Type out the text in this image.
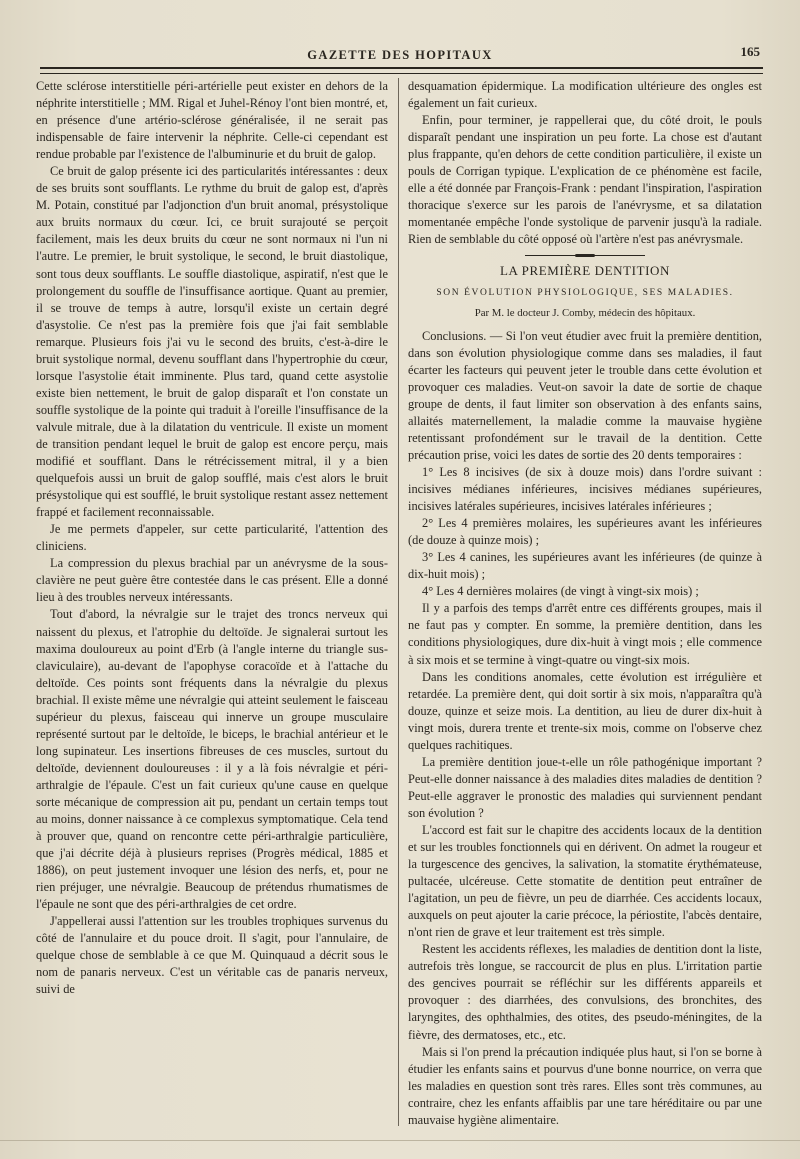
GAZETTE DES HOPITAUX	165

Cette sclérose interstitielle péri-artérielle peut exister en dehors de la néphrite interstitielle ; MM. Rigal et Juhel-Rénoy l'ont bien montré, et, en présence d'une artério-sclérose généralisée, il ne serait pas indispensable de faire intervenir la néphrite. Celle-ci cependant est rendue probable par l'existence de l'albuminurie et du bruit de galop.

Ce bruit de galop présente ici des particularités intéressantes : deux de ses bruits sont soufflants. Le rythme du bruit de galop est, d'après M. Potain, constitué par l'adjonction d'un bruit anomal, présystolique aux bruits normaux du cœur. Ici, ce bruit surajouté se perçoit facilement, mais les deux bruits du cœur ne sont normaux ni l'un ni l'autre. Le premier, le bruit systolique, le second, le bruit diastolique, sont tous deux soufflants. Le souffle diastolique, aspiratif, n'est que le prolongement du souffle de l'insuffisance aortique. Quant au premier, il se trouve de temps à autre, lorsqu'il existe un certain degré d'asystolie. Ce n'est pas la première fois que j'ai fait semblable remarque. Plusieurs fois j'ai vu le second des bruits, c'est-à-dire le bruit systolique normal, devenu soufflant dans l'hypertrophie du cœur, lorsque l'asystolie était imminente. Plus tard, quand cette asystolie existe bien nettement, le bruit de galop disparaît et l'on constate un souffle systolique de la pointe qui traduit à l'oreille l'insuffisance de la valvule mitrale, due à la dilatation du ventricule. Il existe un moment de transition pendant lequel le bruit de galop est encore perçu, mais modifié et soufflant. Dans le rétrécissement mitral, il y a bien quelquefois aussi un bruit de galop soufflé, mais c'est alors le bruit présystolique qui est soufflé, le bruit systolique restant assez nettement frappé et facilement reconnaissable.

Je me permets d'appeler, sur cette particularité, l'attention des cliniciens.

La compression du plexus brachial par un anévrysme de la sous-clavière ne peut guère être contestée dans le cas présent. Elle a donné lieu à des troubles nerveux intéressants.

Tout d'abord, la névralgie sur le trajet des troncs nerveux qui naissent du plexus, et l'atrophie du deltoïde. Je signalerai surtout les maxima douloureux au point d'Erb (à l'angle interne du triangle sus-claviculaire), au-devant de l'apophyse coracoïde et à l'attache du deltoïde. Ces points sont fréquents dans la névralgie du plexus brachial. Il existe même une névralgie qui atteint seulement le faisceau supérieur du plexus, faisceau qui innerve un groupe musculaire représenté surtout par le deltoïde, le biceps, le brachial antérieur et le long supinateur. Les insertions fibreuses de ces muscles, surtout du deltoïde, deviennent douloureuses : il y a là fois névralgie et péri-arthralgie de l'épaule. C'est un fait curieux qu'une cause en quelque sorte mécanique de compression ait pu, pendant un certain temps tout au moins, donner naissance à ce complexus symptomatique. Cela tend à prouver que, quand on rencontre cette péri-arthralgie particulière, que j'ai décrite déjà à plusieurs reprises (Progrès médical, 1885 et 1886), on peut justement invoquer une lésion des nerfs, et, pour ne rien préjuger, une névralgie. Beaucoup de prétendus rhumatismes de l'épaule ne sont que des péri-arthralgies de cet ordre.

J'appellerai aussi l'attention sur les troubles trophiques survenus du côté de l'annulaire et du pouce droit. Il s'agit, pour l'annulaire, de quelque chose de semblable à ce que M. Quinquaud a décrit sous le nom de panaris nerveux. C'est un véritable cas de panaris nerveux, suivi de

desquamation épidermique. La modification ultérieure des ongles est également un fait curieux.

Enfin, pour terminer, je rappellerai que, du côté droit, le pouls disparaît pendant une inspiration un peu forte. La chose est d'autant plus frappante, qu'en dehors de cette condition particulière, il existe un pouls de Corrigan typique. L'explication de ce phénomène est facile, elle a été donnée par François-Frank : pendant l'inspiration, l'aspiration thoracique s'exerce sur les parois de l'anévrysme, et sa dilatation momentanée empêche l'onde systolique de parvenir jusqu'à la radiale. Rien de semblable du côté opposé où l'artère n'est pas anévrysmale.

LA PREMIÈRE DENTITION
SON ÉVOLUTION PHYSIOLOGIQUE, SES MALADIES.
Par M. le docteur J. Comby, médecin des hôpitaux.

Conclusions. — Si l'on veut étudier avec fruit la première dentition, dans son évolution physiologique comme dans ses maladies, il faut écarter les facteurs qui peuvent jeter le trouble dans cette évolution et provoquer ces maladies. Veut-on savoir la date de sortie de chaque groupe de dents, il faut limiter son observation à des enfants sains, allaités maternellement, la maladie comme la mauvaise hygiène retentissant profondément sur le travail de la dentition. Cette précaution prise, voici les dates de sortie des 20 dents temporaires :

1° Les 8 incisives (de six à douze mois) dans l'ordre suivant : incisives médianes inférieures, incisives médianes supérieures, incisives latérales supérieures, incisives latérales inférieures ;

2° Les 4 premières molaires, les supérieures avant les inférieures (de douze à quinze mois) ;

3° Les 4 canines, les supérieures avant les inférieures (de quinze à dix-huit mois) ;

4° Les 4 dernières molaires (de vingt à vingt-six mois) ;

Il y a parfois des temps d'arrêt entre ces différents groupes, mais il ne faut pas y compter. En somme, la première dentition, dans les conditions physiologiques, dure dix-huit à vingt mois ; elle commence à six mois et se termine à vingt-quatre ou vingt-six mois.

Dans les conditions anomales, cette évolution est irrégulière et retardée. La première dent, qui doit sortir à six mois, n'apparaîtra qu'à douze, quinze et seize mois. La dentition, au lieu de durer dix-huit à vingt mois, durera trente et trente-six mois, comme on l'observe chez quelques rachitiques.

La première dentition joue-t-elle un rôle pathogénique important ? Peut-elle donner naissance à des maladies dites maladies de dentition ? Peut-elle aggraver le pronostic des maladies qui surviennent pendant son évolution ?

L'accord est fait sur le chapitre des accidents locaux de la dentition et sur les troubles fonctionnels qui en dérivent. On admet la rougeur et la turgescence des gencives, la salivation, la stomatite érythémateuse, pultacée, ulcéreuse. Cette stomatite de dentition peut entraîner de l'agitation, un peu de fièvre, un peu de diarrhée. Ces accidents locaux, auxquels on peut ajouter la carie précoce, la périostite, l'abcès dentaire, n'ont rien de grave et leur traitement est très simple.

Restent les accidents réflexes, les maladies de dentition dont la liste, autrefois très longue, se raccourcit de plus en plus. L'irritation partie des gencives pourrait se réfléchir sur les différents appareils et provoquer : des diarrhées, des convulsions, des bronchites, des laryngites, des ophthalmies, des otites, des pseudo-méningites, de la fièvre, des dermatoses, etc., etc.

Mais si l'on prend la précaution indiquée plus haut, si l'on se borne à étudier les enfants sains et pourvus d'une bonne nourrice, on verra que les maladies en question sont très rares. Elles sont très communes, au contraire, chez les enfants affaiblis par une tare héréditaire ou par une mauvaise hygiène alimentaire.
